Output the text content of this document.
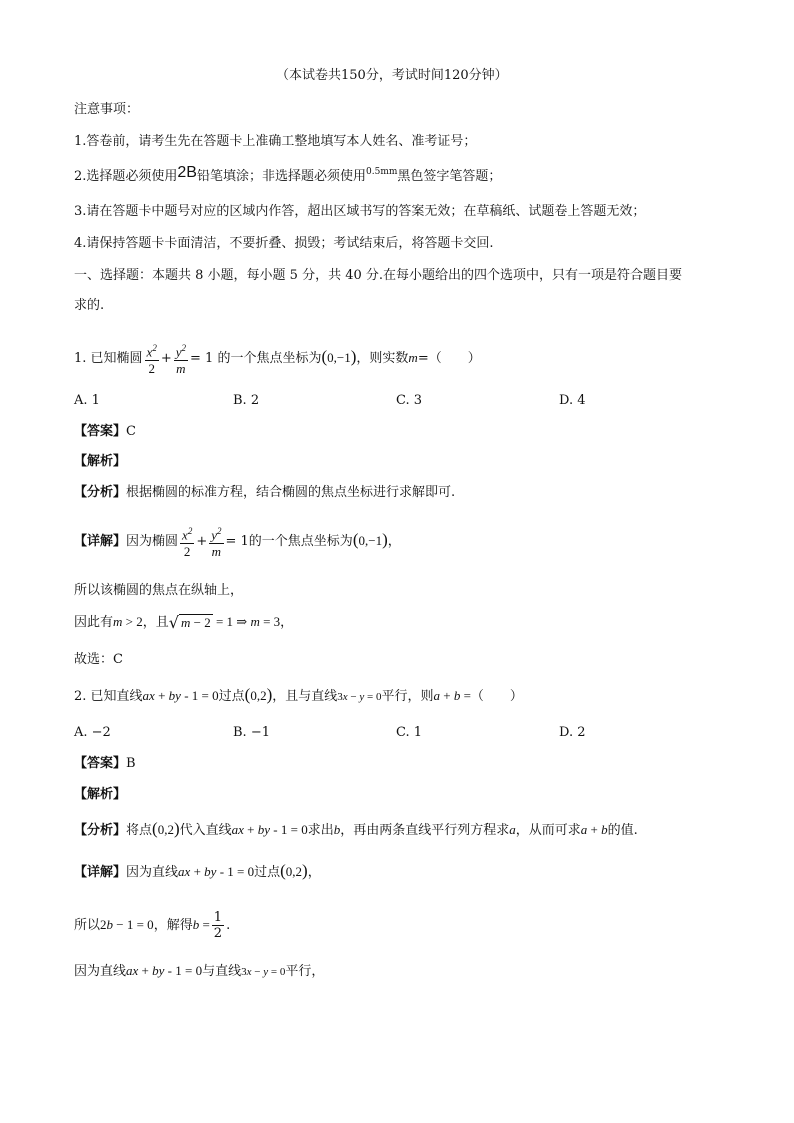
（本试卷共150分，考试时间120分钟）
注意事项：
1.答卷前，请考生先在答题卡上准确工整地填写本人姓名、准考证号；
2.选择题必须使用2B铅笔填涂；非选择题必须使用$^{0.5mm}$黑色签字笔答题；
3.请在答题卡中题号对应的区域内作答，超出区域书写的答案无效；在草稿纸、试题卷上答题无效；
4.请保持答题卡卡面清洁，不要折叠、损毁；考试结束后，将答题卡交回.
一、选择题：本题共 8 小题，每小题 5 分，共 40 分.在每小题给出的四个选项中，只有一项是符合题目要
求的.
1. 已知椭圆 $\frac{x^2}{2} + \frac{y^2}{m} = 1$ 的一个焦点坐标为(0,−1)，则实数m=（　　）
A. 1	B. 2	C. 3	D. 4
【答案】C
【解析】
【分析】根据椭圆的标准方程，结合椭圆的焦点坐标进行求解即可.
【详解】因为椭圆 $\frac{x^2}{2} + \frac{y^2}{m} = 1$的一个焦点坐标为(0,−1)，
所以该椭圆的焦点在纵轴上，
因此有m > 2，且 √ m − 2 = 1 ⇒ m = 3，
故选：C
2. 已知直线ax + by - 1 = 0过点(0,2)，且与直线3x − y = 0平行，则a + b =（　　）
A. −2	B. −1	C. 1	D. 2
【答案】B
【解析】
【分析】将点(0,2)代入直线ax + by - 1 = 0求出b，再由两条直线平行列方程求a，从而可求a + b的值.
【详解】因为直线ax + by - 1 = 0过点(0,2)，
所以2b − 1 = 0，解得$b = \frac{1}{2}$ .
因为直线ax + by - 1 = 0与直线3x − y = 0平行，
